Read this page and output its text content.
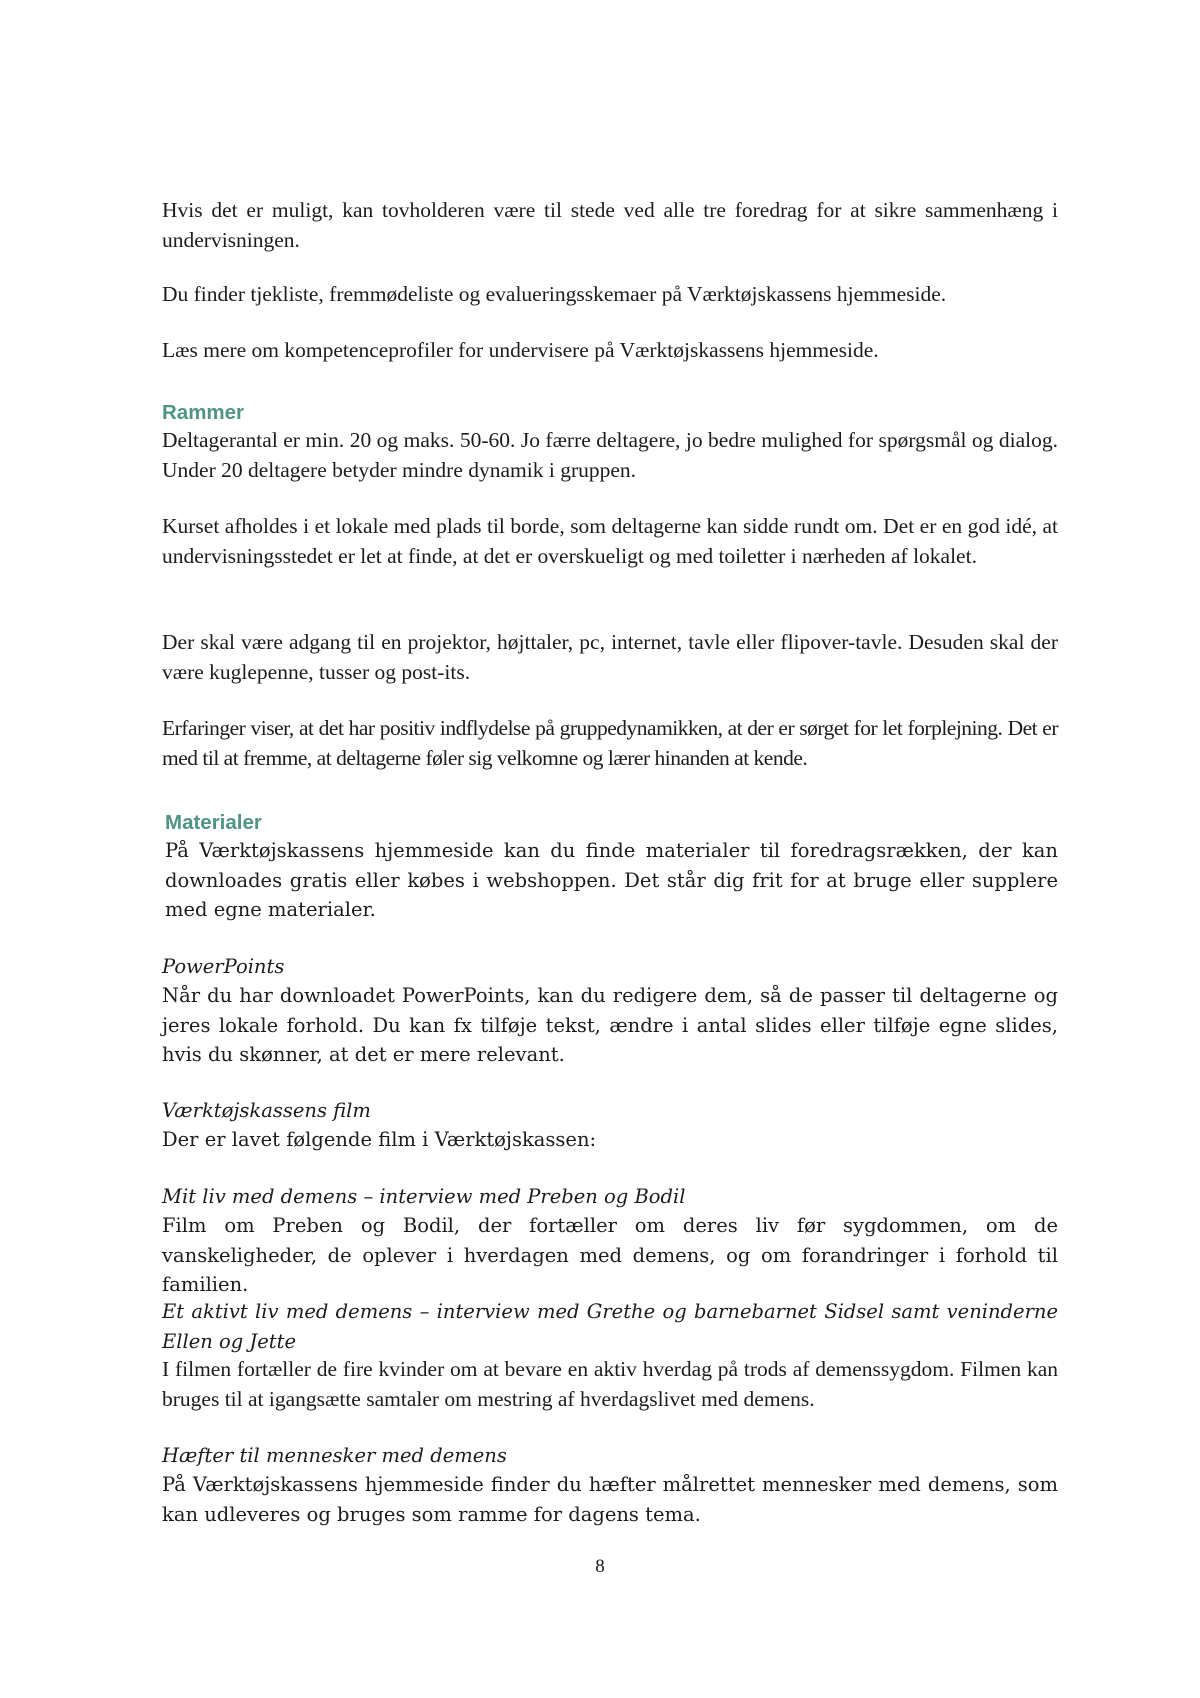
Hvis det er muligt, kan tovholderen være til stede ved alle tre foredrag for at sikre sammenhæng i undervisningen.

Du finder tjekliste, fremmødeliste og evalueringsskemaer på Værktøjskassens hjemmeside.

Læs mere om kompetenceprofiler for undervisere på Værktøjskassens hjemmeside.

Rammer

Deltagerantal er min. 20 og maks. 50-60. Jo færre deltagere, jo bedre mulighed for spørgsmål og dialog. Under 20 deltagere betyder mindre dynamik i gruppen.

Kurset afholdes i et lokale med plads til borde, som deltagerne kan sidde rundt om. Det er en god idé, at undervisningsstedet er let at finde, at det er overskueligt og med toiletter i nærheden af lokalet.

Der skal være adgang til en projektor, højttaler, pc, internet, tavle eller flipover-tavle. Desuden skal der være kuglepenne, tusser og post-its.

Erfaringer viser, at det har positiv indflydelse på gruppedynamikken, at der er sørget for let forplejning. Det er med til at fremme, at deltagerne føler sig velkomne og lærer hinanden at kende.

Materialer

På Værktøjskassens hjemmeside kan du finde materialer til foredragsrækken, der kan downloades gratis eller købes i webshoppen. Det står dig frit for at bruge eller supplere med egne materialer.

PowerPoints

Når du har downloadet PowerPoints, kan du redigere dem, så de passer til deltagerne og jeres lokale forhold. Du kan fx tilføje tekst, ændre i antal slides eller tilføje egne slides, hvis du skønner, at det er mere relevant.

Værktøjskassens film

Der er lavet følgende film i Værktøjskassen:

Mit liv med demens – interview med Preben og Bodil

Film om Preben og Bodil, der fortæller om deres liv før sygdommen, om de vanskeligheder, de oplever i hverdagen med demens, og om forandringer i forhold til familien.

Et aktivt liv med demens – interview med Grethe og barnebarnet Sidsel samt veninderne Ellen og Jette

I filmen fortæller de fire kvinder om at bevare en aktiv hverdag på trods af demenssygdom. Filmen kan bruges til at igangsætte samtaler om mestring af hverdagslivet med demens.

Hæfter til mennesker med demens

På Værktøjskassens hjemmeside finder du hæfter målrettet mennesker med demens, som kan udleveres og bruges som ramme for dagens tema.

8
